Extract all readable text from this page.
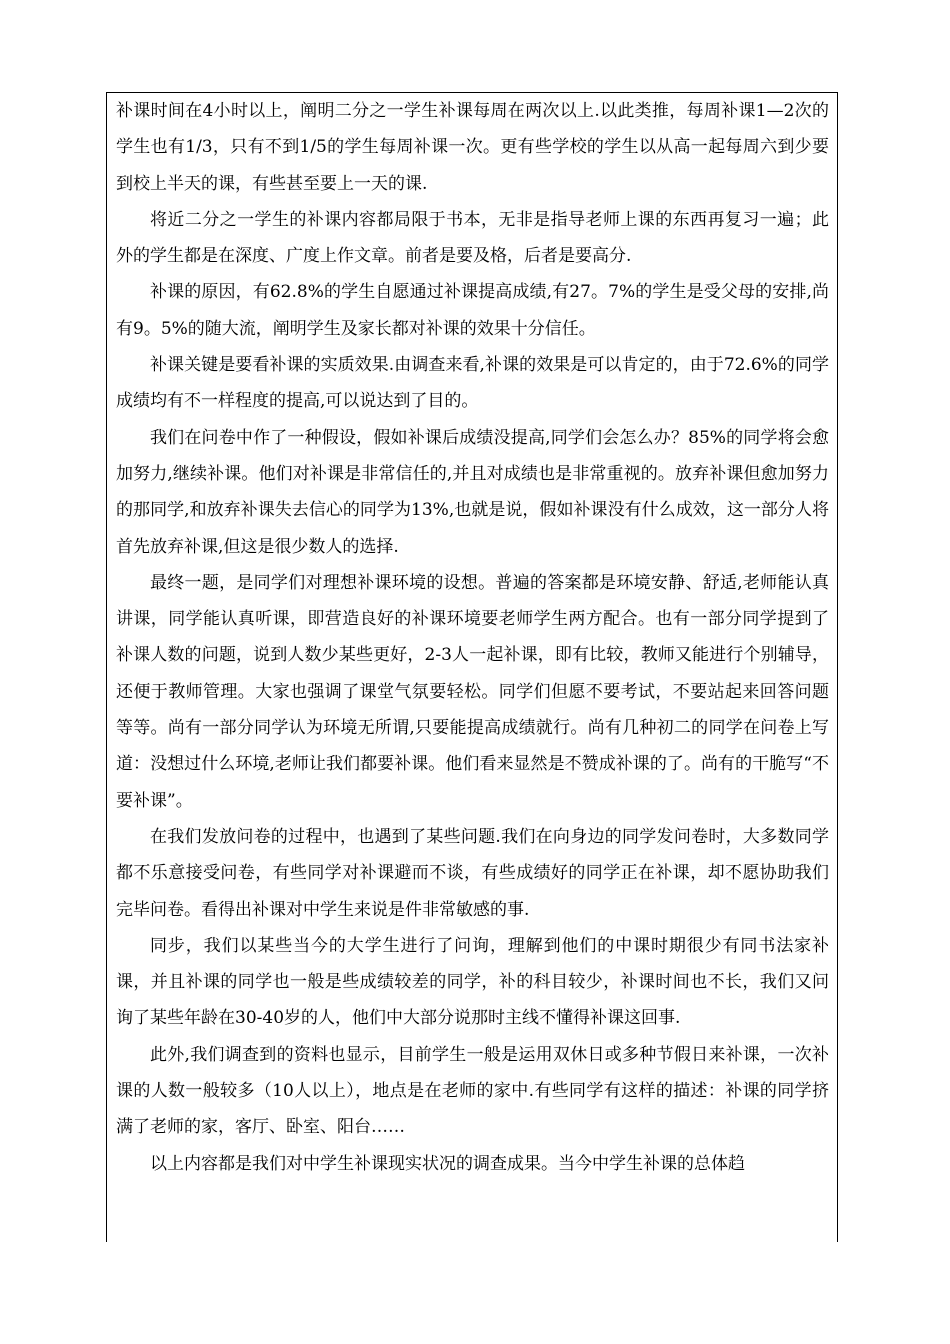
补课时间在4小时以上，阐明二分之一学生补课每周在两次以上.以此类推，每周补课1—2次的学生也有1/3，只有不到1/5的学生每周补课一次。更有些学校的学生以从高一起每周六到少要到校上半天的课，有些甚至要上一天的课.

将近二分之一学生的补课内容都局限于书本，无非是指导老师上课的东西再复习一遍；此外的学生都是在深度、广度上作文章。前者是要及格，后者是要高分.

补课的原因，有62.8%的学生自愿通过补课提高成绩,有27。7%的学生是受父母的安排,尚有9。5%的随大流，阐明学生及家长都对补课的效果十分信任。

补课关键是要看补课的实质效果.由调查来看,补课的效果是可以肯定的，由于72.6%的同学成绩均有不一样程度的提高,可以说达到了目的。

我们在问卷中作了一种假设，假如补课后成绩没提高,同学们会怎么办？85%的同学将会愈加努力,继续补课。他们对补课是非常信任的,并且对成绩也是非常重视的。放弃补课但愈加努力的那同学,和放弃补课失去信心的同学为13%,也就是说，假如补课没有什么成效，这一部分人将首先放弃补课,但这是很少数人的选择.

最终一题，是同学们对理想补课环境的设想。普遍的答案都是环境安静、舒适,老师能认真讲课，同学能认真听课，即营造良好的补课环境要老师学生两方配合。也有一部分同学提到了补课人数的问题，说到人数少某些更好，2-3人一起补课，即有比较，教师又能进行个别辅导，还便于教师管理。大家也强调了课堂气氛要轻松。同学们但愿不要考试，不要站起来回答问题等等。尚有一部分同学认为环境无所谓,只要能提高成绩就行。尚有几种初二的同学在问卷上写道：没想过什么环境,老师让我们都要补课。他们看来显然是不赞成补课的了。尚有的干脆写“不要补课”。

在我们发放问卷的过程中，也遇到了某些问题.我们在向身边的同学发问卷时，大多数同学都不乐意接受问卷，有些同学对补课避而不谈，有些成绩好的同学正在补课，却不愿协助我们完毕问卷。看得出补课对中学生来说是件非常敏感的事.

同步，我们以某些当今的大学生进行了问询，理解到他们的中课时期很少有同书法家补课，并且补课的同学也一般是些成绩较差的同学，补的科目较少，补课时间也不长，我们又问询了某些年龄在30-40岁的人，他们中大部分说那时主线不懂得补课这回事.

此外,我们调查到的资料也显示，目前学生一般是运用双休日或多种节假日来补课，一次补课的人数一般较多（10人以上），地点是在老师的家中.有些同学有这样的描述：补课的同学挤满了老师的家，客厅、卧室、阳台……

以上内容都是我们对中学生补课现实状况的调查成果。当今中学生补课的总体趋
